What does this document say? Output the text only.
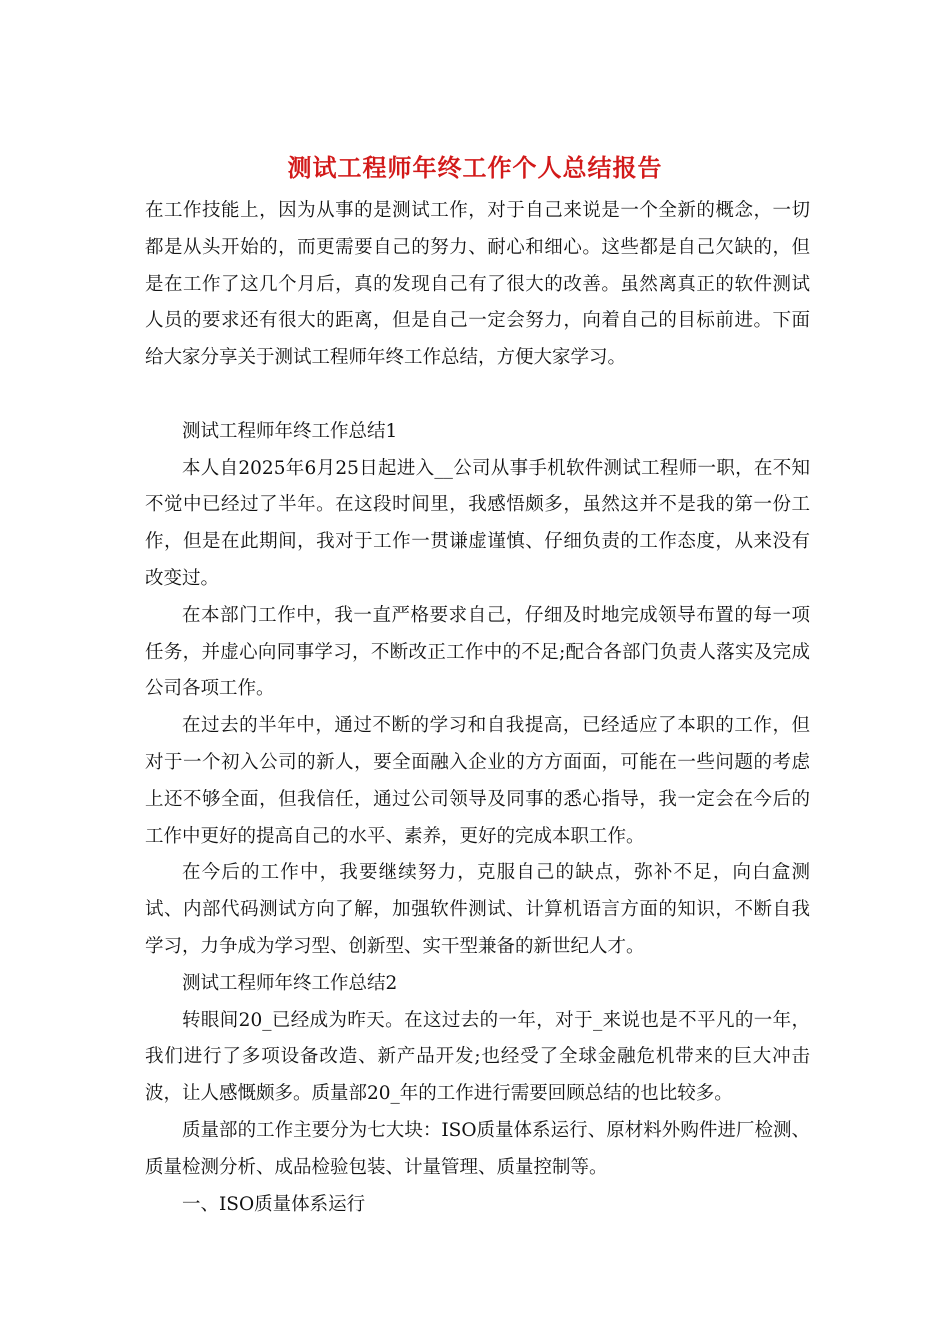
测试工程师年终工作个人总结报告

在工作技能上，因为从事的是测试工作，对于自己来说是一个全新的概念，一切都是从头开始的，而更需要自己的努力、耐心和细心。这些都是自己欠缺的，但是在工作了这几个月后，真的发现自己有了很大的改善。虽然离真正的软件测试人员的要求还有很大的距离，但是自己一定会努力，向着自己的目标前进。下面给大家分享关于测试工程师年终工作总结，方便大家学习。

测试工程师年终工作总结1

本人自2025年6月25日起进入__公司从事手机软件测试工程师一职，在不知不觉中已经过了半年。在这段时间里，我感悟颇多，虽然这并不是我的第一份工作，但是在此期间，我对于工作一贯谦虚谨慎、仔细负责的工作态度，从来没有改变过。

在本部门工作中，我一直严格要求自己，仔细及时地完成领导布置的每一项任务，并虚心向同事学习，不断改正工作中的不足;配合各部门负责人落实及完成公司各项工作。

在过去的半年中，通过不断的学习和自我提高，已经适应了本职的工作，但对于一个初入公司的新人，要全面融入企业的方方面面，可能在一些问题的考虑上还不够全面，但我信任，通过公司领导及同事的悉心指导，我一定会在今后的工作中更好的提高自己的水平、素养，更好的完成本职工作。

在今后的工作中，我要继续努力，克服自己的缺点，弥补不足，向白盒测试、内部代码测试方向了解，加强软件测试、计算机语言方面的知识，不断自我学习，力争成为学习型、创新型、实干型兼备的新世纪人才。

测试工程师年终工作总结2

转眼间20_已经成为昨天。在这过去的一年，对于_来说也是不平凡的一年，我们进行了多项设备改造、新产品开发;也经受了全球金融危机带来的巨大冲击波，让人感慨颇多。质量部20_年的工作进行需要回顾总结的也比较多。

质量部的工作主要分为七大块：ISO质量体系运行、原材料外购件进厂检测、质量检测分析、成品检验包装、计量管理、质量控制等。

一、ISO质量体系运行
